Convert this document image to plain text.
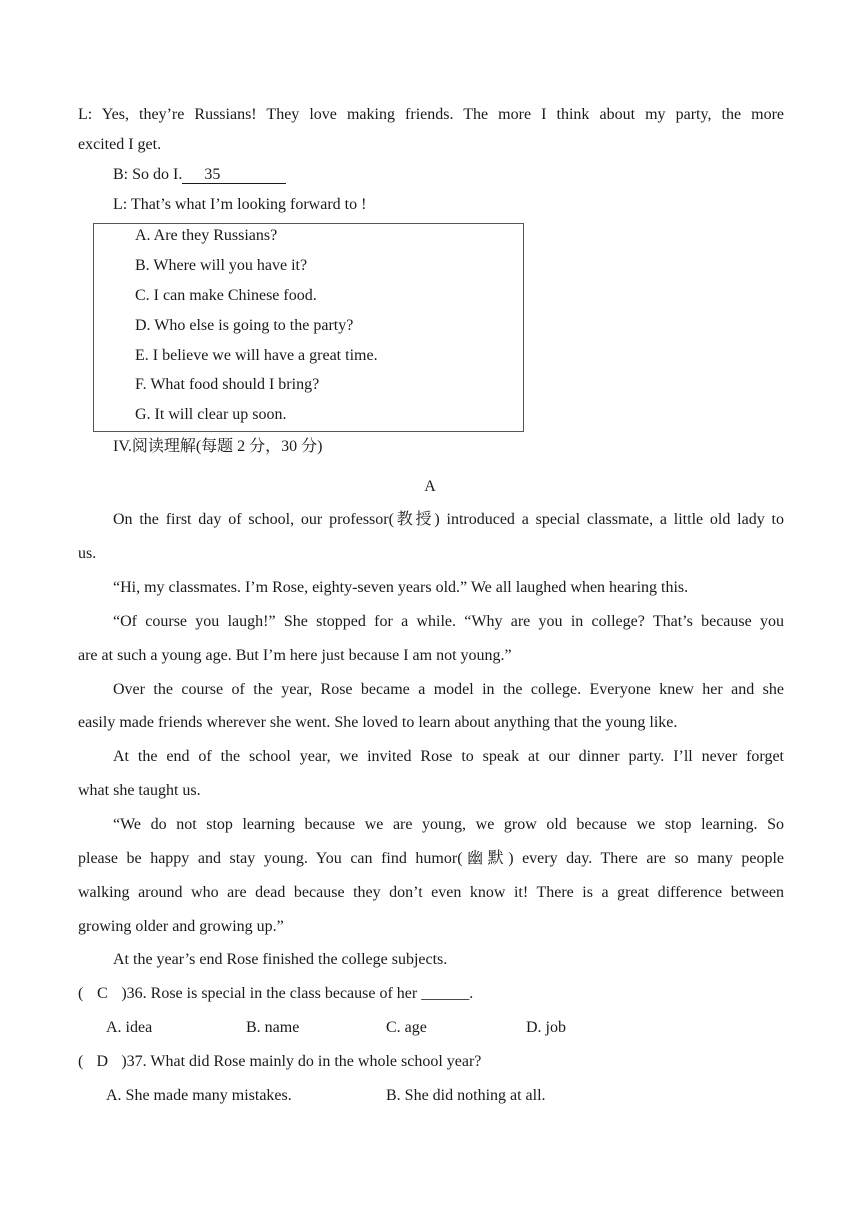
L: Yes, they’re Russians! They love making friends. The more I think about my party, the more
excited I get.
B: So do I. 35
L: That’s what I’m looking forward to !
A. Are they Russians?
B. Where will you have it?
C. I can make Chinese food.
D. Who else is going to the party?
E. I believe we will have a great time.
F. What food should I bring?
G. It will clear up soon.
IV.阅读理解(每题 2 分，30 分)
A
On the first day of school, our professor(教授) introduced a special classmate, a little old lady to
us.
“Hi, my classmates. I’m Rose, eighty-seven years old.” We all laughed when hearing this.
“Of course you laugh!” She stopped for a while. “Why are you in college? That’s because you
are at such a young age. But I’m here just because I am not young.”
Over the course of the year, Rose became a model in the college. Everyone knew her and she
easily made friends wherever she went. She loved to learn about anything that the young like.
At the end of the school year, we invited Rose to speak at our dinner party. I’ll never forget
what she taught us.
“We do not stop learning because we are young, we grow old because we stop learning. So
please be happy and stay young. You can find humor(幽默) every day. There are so many people
walking around who are dead because they don’t even know it! There is a great difference between
growing older and growing up.”
At the year’s end Rose finished the college subjects.
( C )36. Rose is special in the class because of her ______.
A. idea	B. name	C. age	D. job
( D )37. What did Rose mainly do in the whole school year?
A. She made many mistakes.	B. She did nothing at all.
